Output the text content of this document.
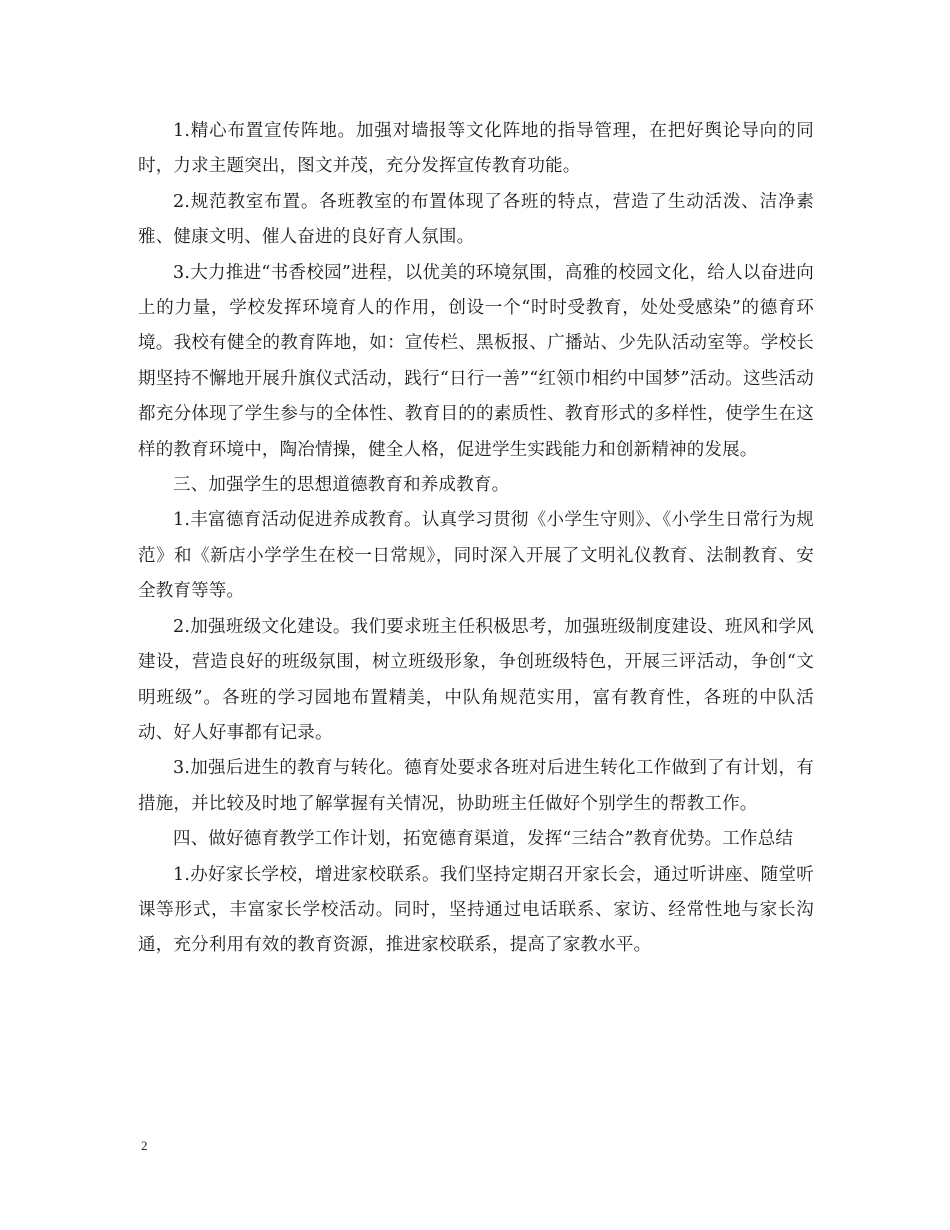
1.精心布置宣传阵地。加强对墙报等文化阵地的指导管理，在把好舆论导向的同时，力求主题突出，图文并茂，充分发挥宣传教育功能。

2.规范教室布置。各班教室的布置体现了各班的特点，营造了生动活泼、洁净素雅、健康文明、催人奋进的良好育人氛围。

3.大力推进“书香校园”进程，以优美的环境氛围，高雅的校园文化，给人以奋进向上的力量，学校发挥环境育人的作用，创设一个“时时受教育，处处受感染”的德育环境。我校有健全的教育阵地，如：宣传栏、黑板报、广播站、少先队活动室等。学校长期坚持不懈地开展升旗仪式活动，践行“日行一善”“红领巾相约中国梦”活动。这些活动都充分体现了学生参与的全体性、教育目的的素质性、教育形式的多样性，使学生在这样的教育环境中，陶冶情操，健全人格，促进学生实践能力和创新精神的发展。

三、加强学生的思想道德教育和养成教育。

1.丰富德育活动促进养成教育。认真学习贯彻《小学生守则》、《小学生日常行为规范》和《新店小学学生在校一日常规》，同时深入开展了文明礼仪教育、法制教育、安全教育等等。

2.加强班级文化建设。我们要求班主任积极思考，加强班级制度建设、班风和学风建设，营造良好的班级氛围，树立班级形象，争创班级特色，开展三评活动，争创“文明班级”。各班的学习园地布置精美，中队角规范实用，富有教育性，各班的中队活动、好人好事都有记录。

3.加强后进生的教育与转化。德育处要求各班对后进生转化工作做到了有计划，有措施，并比较及时地了解掌握有关情况，协助班主任做好个别学生的帮教工作。

四、做好德育教学工作计划，拓宽德育渠道，发挥“三结合”教育优势。工作总结

1.办好家长学校，增进家校联系。我们坚持定期召开家长会，通过听讲座、随堂听课等形式，丰富家长学校活动。同时，坚持通过电话联系、家访、经常性地与家长沟通，充分利用有效的教育资源，推进家校联系，提高了家教水平。

2
